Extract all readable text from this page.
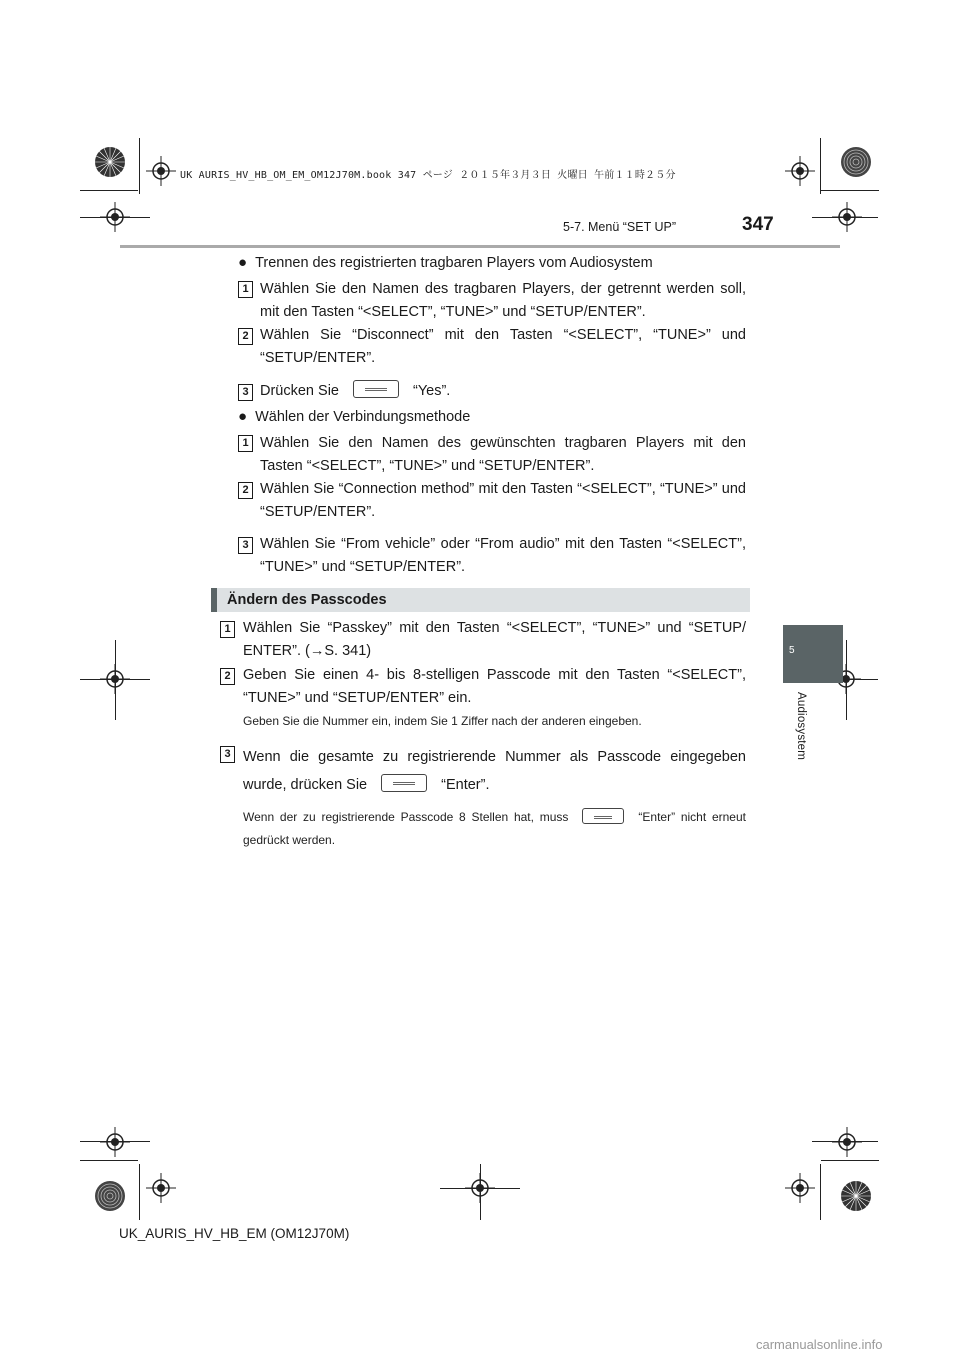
UK AURIS_HV_HB_OM_EM_OM12J70M.book 347 ページ ２０１５年３月３日 火曜日 午前１１時２５分
5-7. Menü “SET UP”	347
5
Audiosystem
● Trennen des registrierten tragbaren Players vom Audiosystem
1 Wählen Sie den Namen des tragbaren Players, der getrennt werden soll, mit den Tasten “<SELECT”, “TUNE>” und “SETUP/ENTER”.
2 Wählen Sie “Disconnect” mit den Tasten “<SELECT”, “TUNE>” und “SETUP/ENTER”.
3 Drücken Sie	“Yes”.
● Wählen der Verbindungsmethode
1 Wählen Sie den Namen des gewünschten tragbaren Players mit den Tasten “<SELECT”, “TUNE>” und “SETUP/ENTER”.
2 Wählen Sie “Connection method” mit den Tasten “<SELECT”, “TUNE>” und “SETUP/ENTER”.
3 Wählen Sie “From vehicle” oder “From audio” mit den Tasten “<SELECT”, “TUNE>” und “SETUP/ENTER”.
Ändern des Passcodes
1 Wählen Sie “Passkey” mit den Tasten “<SELECT”, “TUNE>” und “SETUP/ ENTER”. (→S. 341)
2 Geben Sie einen 4- bis 8-stelligen Passcode mit den Tasten “<SELECT”, “TUNE>” und “SETUP/ENTER” ein.
Geben Sie die Nummer ein, indem Sie 1 Ziffer nach der anderen eingeben.
3 Wenn die gesamte zu registrierende Nummer als Passcode eingegeben wurde, drücken Sie	“Enter”.
Wenn der zu registrierende Passcode 8 Stellen hat, muss	“Enter” nicht erneut gedrückt werden.
UK_AURIS_HV_HB_EM (OM12J70M)
carmanualsonline.info
